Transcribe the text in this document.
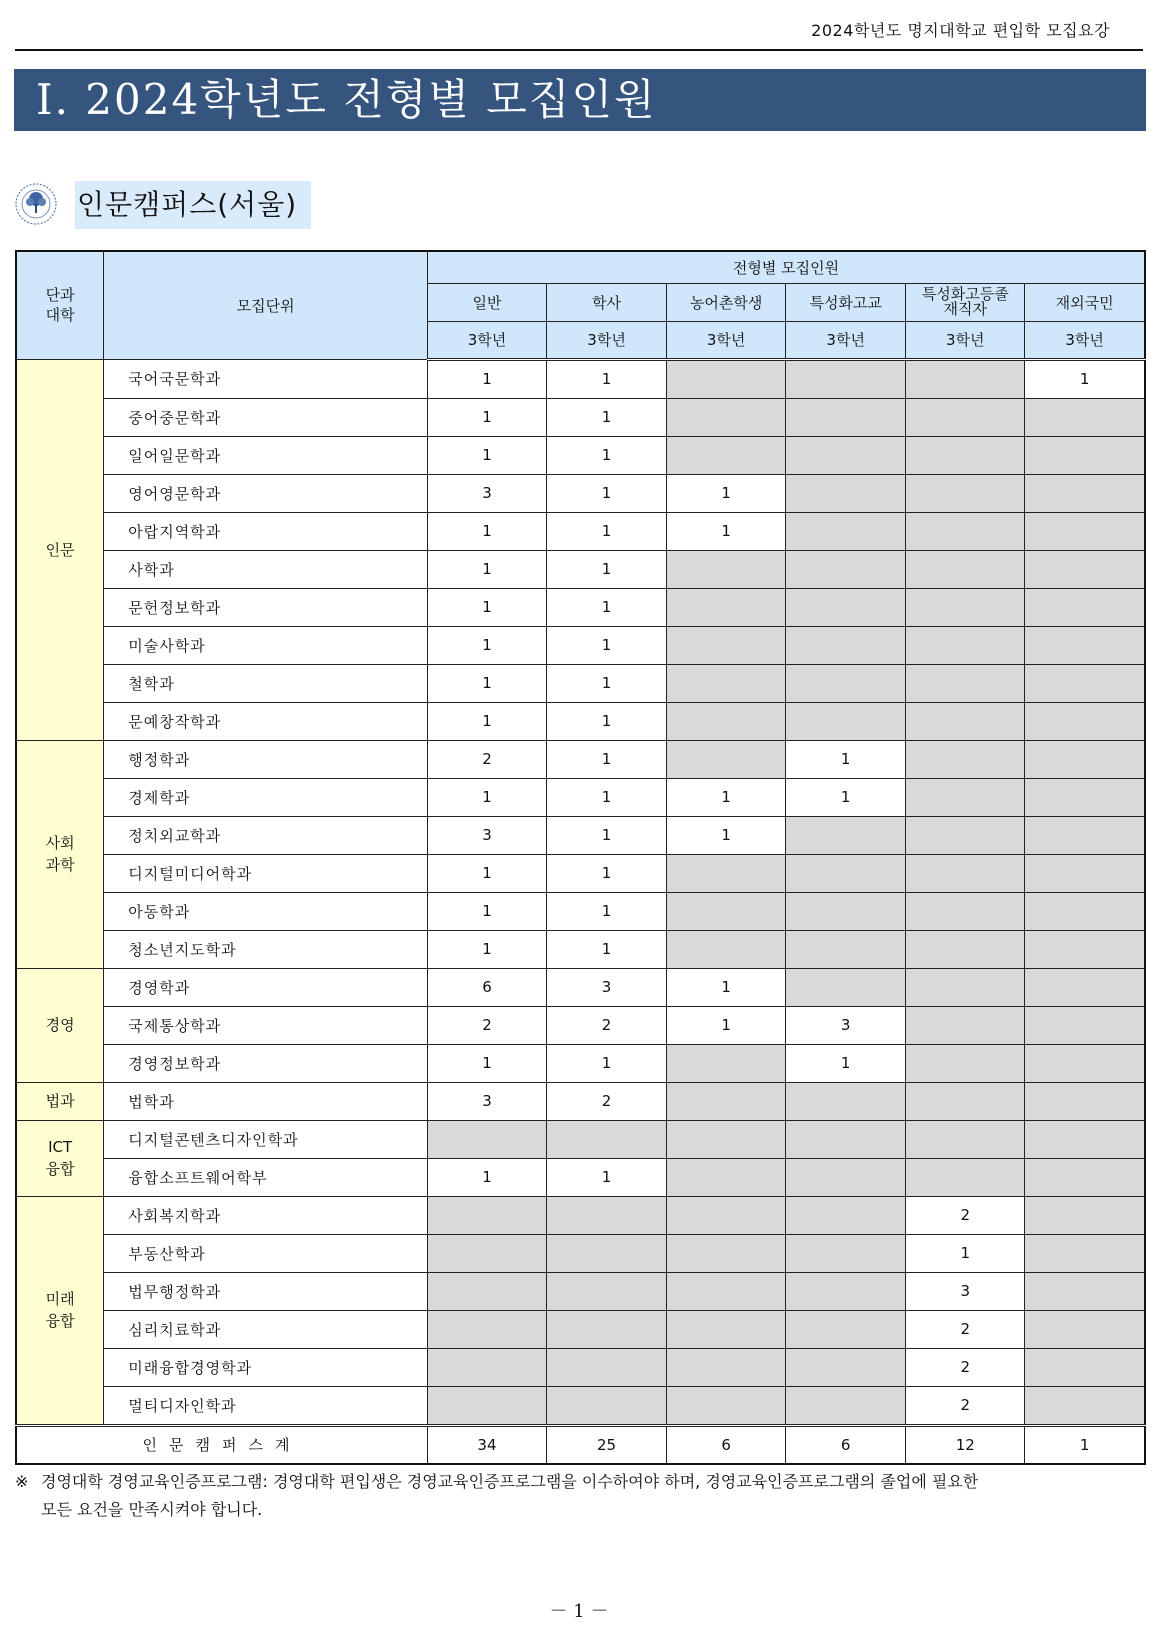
2024학년도 명지대학교 편입학 모집요강
Ⅰ. 2024학년도 전형별 모집인원
인문캠퍼스(서울)
단과
대학	모집단위	전형별 모집인원					
		일반	학사	농어촌학생	특성화고교	특성화고등졸
재직자	재외국민
		3학년	3학년	3학년	3학년	3학년	3학년
인문	국어국문학과	1	1				1
	중어중문학과	1	1				
	일어일문학과	1	1				
	영어영문학과	3	1	1			
	아랍지역학과	1	1	1			
	사학과	1	1				
	문헌정보학과	1	1				
	미술사학과	1	1				
	철학과	1	1				
	문예창작학과	1	1				
사회
과학	행정학과	2	1		1		
	경제학과	1	1	1	1		
	정치외교학과	3	1	1			
	디지털미디어학과	1	1				
	아동학과	1	1				
	청소년지도학과	1	1				
경영	경영학과	6	3	1			
	국제통상학과	2	2	1	3		
	경영정보학과	1	1		1		
법과	법학과	3	2				
ICT
융합	디지털콘텐츠디자인학과						
	융합소프트웨어학부	1	1				
미래
융합	사회복지학과					2	
	부동산학과					1	
	법무행정학과					3	
	심리치료학과					2	
	미래융합경영학과					2	
	멀티디자인학과					2	
인문캠퍼스계		34	25	6	6	12	1
※ 경영대학 경영교육인증프로그램: 경영대학 편입생은 경영교육인증프로그램을 이수하여야 하며, 경영교육인증프로그램의 졸업에 필요한
모든 요건을 만족시켜야 합니다.
－ 1 －
